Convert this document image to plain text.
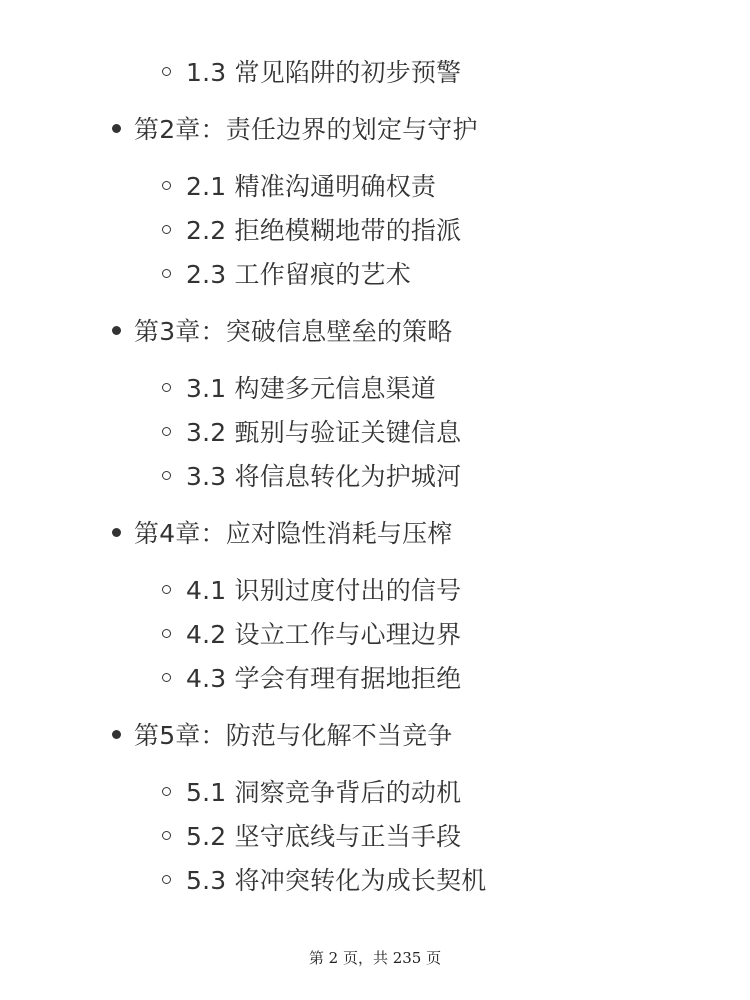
1.3 常见陷阱的初步预警
第2章：责任边界的划定与守护
2.1 精准沟通明确权责
2.2 拒绝模糊地带的指派
2.3 工作留痕的艺术
第3章：突破信息壁垒的策略
3.1 构建多元信息渠道
3.2 甄别与验证关键信息
3.3 将信息转化为护城河
第4章：应对隐性消耗与压榨
4.1 识别过度付出的信号
4.2 设立工作与心理边界
4.3 学会有理有据地拒绝
第5章：防范与化解不当竞争
5.1 洞察竞争背后的动机
5.2 坚守底线与正当手段
5.3 将冲突转化为成长契机
第 2 页，共 235 页
